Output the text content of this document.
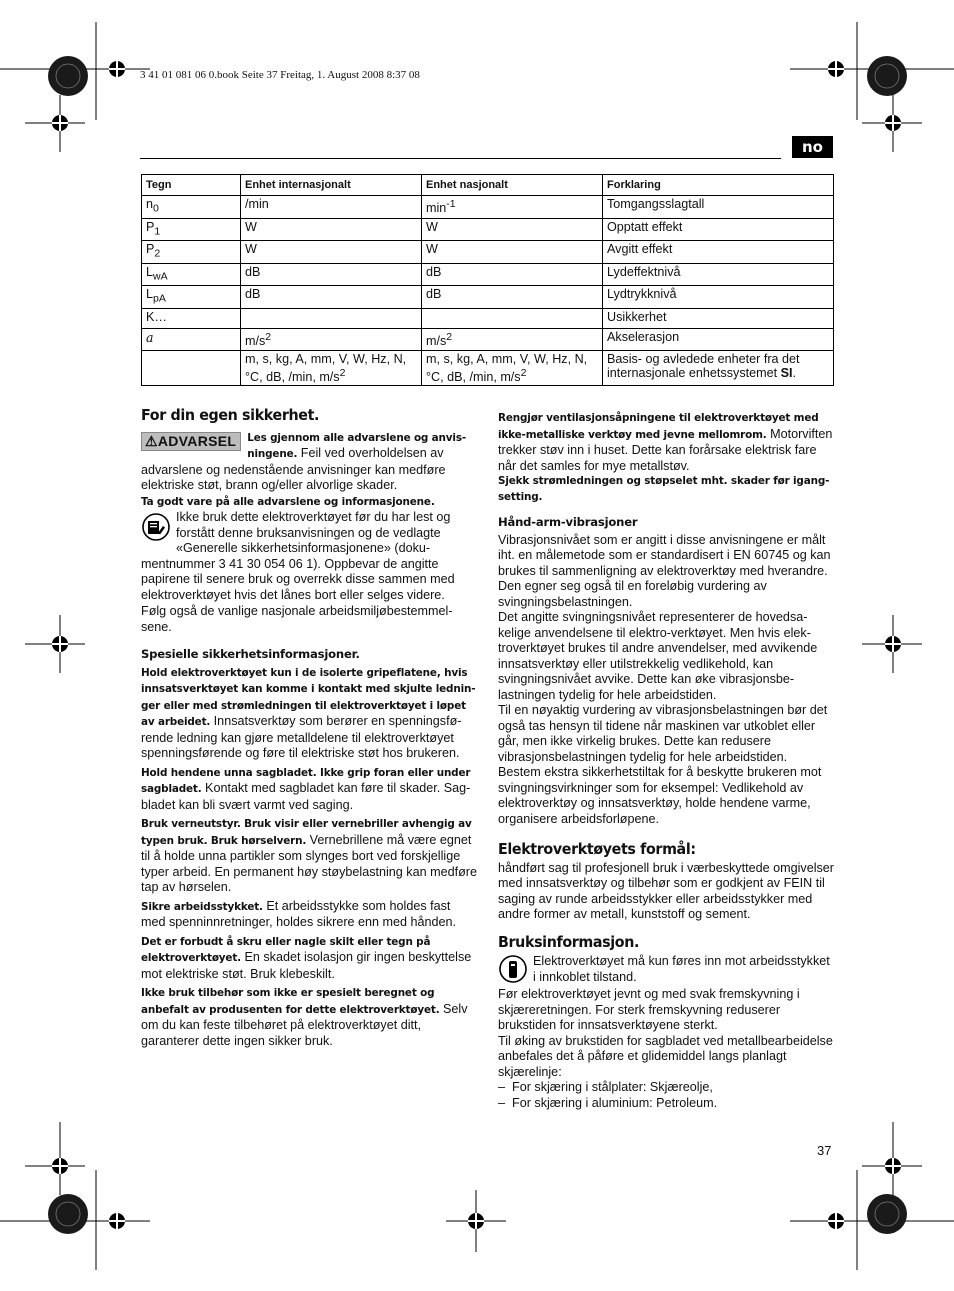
3 41 01 081 06 0.book Seite 37 Freitag, 1. August 2008 8:37 08
no
Tegn	Enhet internasjonalt	Enhet nasjonalt	Forklaring
$n_0$	/min	$\min^{-1}$	Tomgangsslagtall
$P_1$	W	W	Opptatt effekt
$P_2$	W	W	Avgitt effekt
$L_{wA}$	dB	dB	Lydeffektnivå
$L_{pA}$	dB	dB	Lydtrykknivå
K…			Usikkerhet
a	$m/s^2$	$m/s^2$	Akselerasjon
	m, s, kg, A, mm, V, W, Hz, N, °C, dB, /min, $m/s^2$	m, s, kg, A, mm, V, W, Hz, N, °C, dB, /min, $m/s^2$	Basis- og avledede enheter fra det internasjonale enhetssystemet SI.
For din egen sikkerhet.

⚠ADVARSEL	Les gjennom alle advarslene og anvisningene. Feil ved overholdelsen av advarslene og nedenstående anvisninger kan medføre elektriske støt, brann og/eller alvorlige skader.

Ta godt vare på alle advarslene og informasjonene.

Ikke bruk dette elektroverktøyet før du har lest og forstått denne bruksanvisningen og de vedlagte «Generelle sikkerhetsinformasjonene» (dokumentnummer 3 41 30 054 06 1). Oppbevar de angitte papirene til senere bruk og overrekk disse sammen med elektroverktøyet hvis det lånes bort eller selges videre.

Følg også de vanlige nasjonale arbeidsmiljøbestemmelsene.

Spesielle sikkerhetsinformasjoner.

Hold elektroverktøyet kun i de isolerte gripeflatene, hvis innsatsverktøyet kan komme i kontakt med skjulte ledninger eller med strømledningen til elektroverktøyet i løpet av arbeidet. Innsatsverktøy som berører en spenningsførende ledning kan gjøre metalldelene til elektroverktøyet spenningsførende og føre til elektriske støt hos brukeren.

Hold hendene unna sagbladet. Ikke grip foran eller under sagbladet. Kontakt med sagbladet kan føre til skader. Sagbladet kan bli svært varmt ved saging.

Bruk verneutstyr. Bruk visir eller vernebriller avhengig av typen bruk. Bruk hørselvern. Vernebrillene må være egnet til å holde unna partikler som slynges bort ved forskjellige typer arbeid. En permanent høy støybelastning kan medføre tap av hørselen.

Sikre arbeidsstykket. Et arbeidsstykke som holdes fast med spenninnretninger, holdes sikrere enn med hånden.

Det er forbudt å skru eller nagle skilt eller tegn på elektroverktøyet. En skadet isolasjon gir ingen beskyttelse mot elektriske støt. Bruk klebeskilt.

Ikke bruk tilbehør som ikke er spesielt beregnet og anbefalt av produsenten for dette elektroverktøyet. Selv om du kan feste tilbehøret på elektroverktøyet ditt, garanterer dette ingen sikker bruk.

Rengjør ventilasjonsåpningene til elektroverktøyet med ikke-metalliske verktøy med jevne mellomrom. Motorviften trekker støv inn i huset. Dette kan forårsake elektrisk fare når det samles for mye metallstøv.

Sjekk strømledningen og støpselet mht. skader før igangsetting.

Hånd-arm-vibrasjoner

Vibrasjonsnivået som er angitt i disse anvisningene er målt iht. en målemetode som er standardisert i EN 60745 og kan brukes til sammenligning av elektroverktøy med hverandre. Den egner seg også til en foreløbig vurdering av svingningsbelastningen.

Det angitte svingningsnivået representerer de hovedsakelige anvendelsene til elektro-verktøyet. Men hvis elektroverktøyet brukes til andre anvendelser, med avvikende innsatsverktøy eller utilstrekkelig vedlikehold, kan svingningsnivået avvike. Dette kan øke vibrasjonsbelastningen tydelig for hele arbeidstiden.

Til en nøyaktig vurdering av vibrasjonsbelastningen bør det også tas hensyn til tidene når maskinen var utkoblet eller går, men ikke virkelig brukes. Dette kan redusere vibrasjonsbelastningen tydelig for hele arbeidstiden.

Bestem ekstra sikkerhetstiltak for å beskytte brukeren mot svingningsvirkninger som for eksempel: Vedlikehold av elektroverktøy og innsatsverktøy, holde hendene varme, organisere arbeidsforløpene.

Elektroverktøyets formål:

håndført sag til profesjonell bruk i værbeskyttede omgivelser med innsatsverktøy og tilbehør som er godkjent av FEIN til saging av runde arbeidsstykker eller arbeidsstykker med andre former av metall, kunststoff og sement.

Bruksinformasjon.

Elektroverktøyet må kun føres inn mot arbeidsstykket i innkoblet tilstand.

Før elektroverktøyet jevnt og med svak fremskyvning i skjæreretningen. For sterk fremskyvning reduserer brukstiden for innsatsverktøyene sterkt.

Til øking av brukstiden for sagbladet ved metallbearbeidelse anbefales det å påføre et glidemiddel langs planlagt skjærelinje:

–  For skjæring i stålplater: Skjæreolje,
–  For skjæring i aluminium: Petroleum.
37
